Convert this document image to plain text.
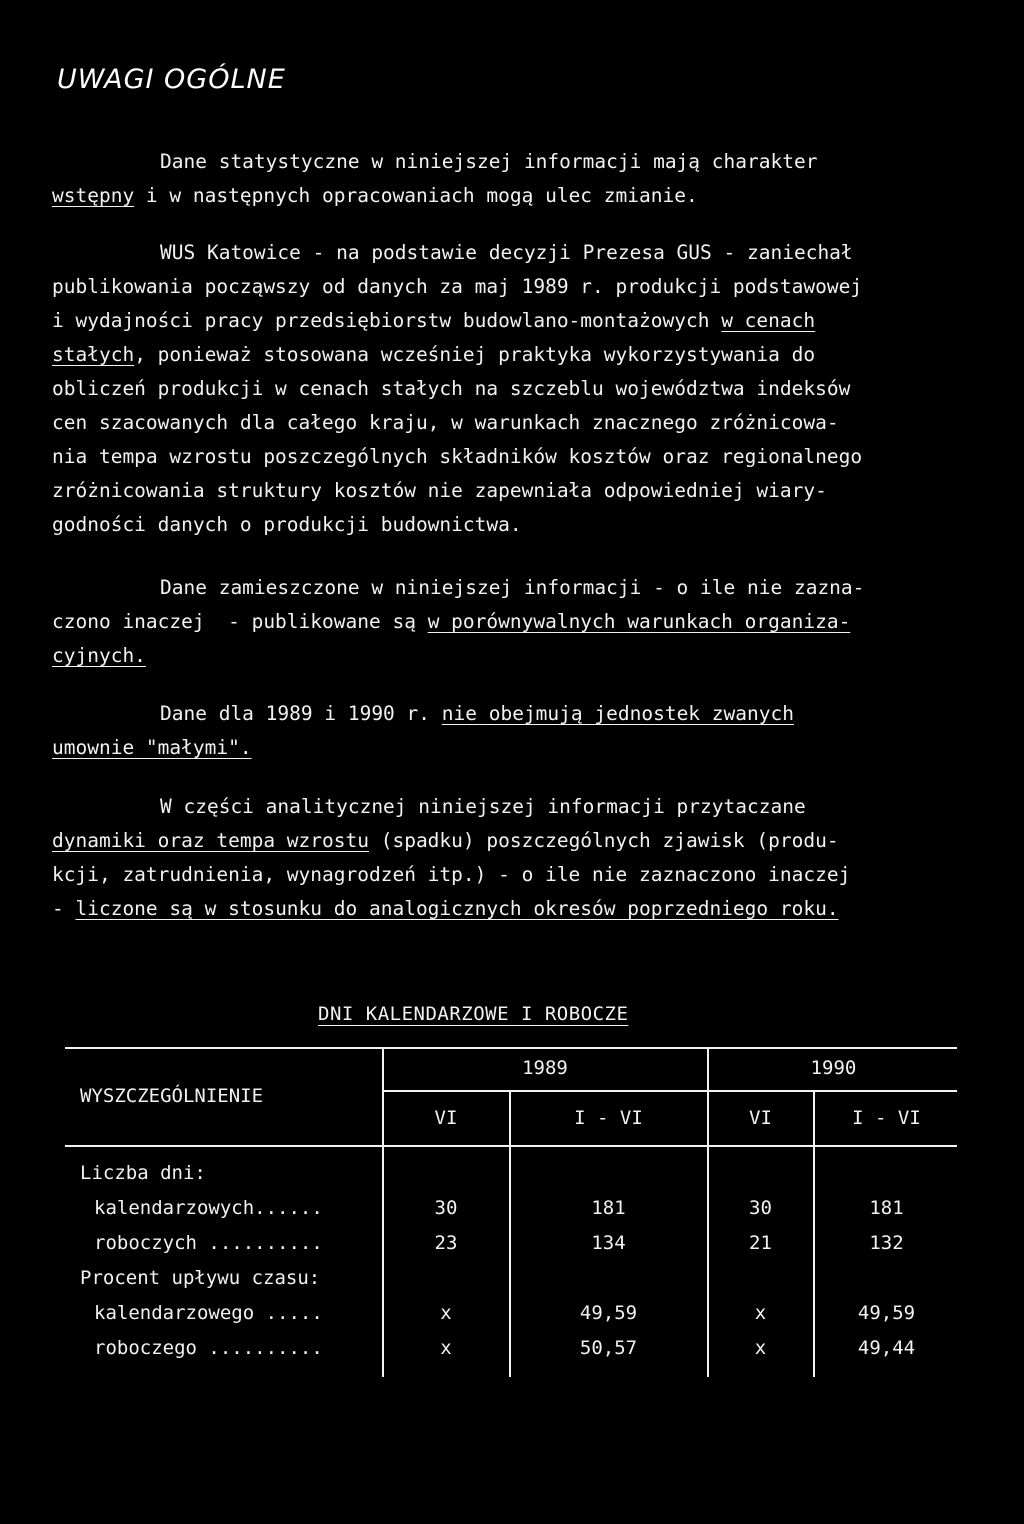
UWAGI OGÓLNE
Dane statystyczne w niniejszej informacji mają charakter
wstępny i w następnych opracowaniach mogą ulec zmianie.
WUS Katowice - na podstawie decyzji Prezesa GUS - zaniechał
publikowania począwszy od danych za maj 1989 r. produkcji podstawowej
i wydajności pracy przedsiębiorstw budowlano-montażowych w cenach
stałych, ponieważ stosowana wcześniej praktyka wykorzystywania do
obliczeń produkcji w cenach stałych na szczeblu województwa indeksów
cen szacowanych dla całego kraju, w warunkach znacznego zróżnicowa-
nia tempa wzrostu poszczególnych składników kosztów oraz regionalnego
zróżnicowania struktury kosztów nie zapewniała odpowiedniej wiary-
godności danych o produkcji budownictwa.
Dane zamieszczone w niniejszej informacji - o ile nie zazna-
czono inaczej  - publikowane są w porównywalnych warunkach organiza-
cyjnych.
Dane dla 1989 i 1990 r. nie obejmują jednostek zwanych
umownie "małymi".
W części analitycznej niniejszej informacji przytaczane
dynamiki oraz tempa wzrostu (spadku) poszczególnych zjawisk (produ-
kcji, zatrudnienia, wynagrodzeń itp.) - o ile nie zaznaczono inaczej
- liczone są w stosunku do analogicznych okresów poprzedniego roku.
DNI KALENDARZOWE I ROBOCZE
WYSZCZEGÓLNIENIE
1989	1990
VI	I - VI	VI	I - VI
Liczba dni:
kalendarzowych......	30	181	30	181
roboczych ..........	23	134	21	132
Procent upływu czasu:
kalendarzowego .....	x	49,59	x	49,59
roboczego ..........	x	50,57	x	49,44
